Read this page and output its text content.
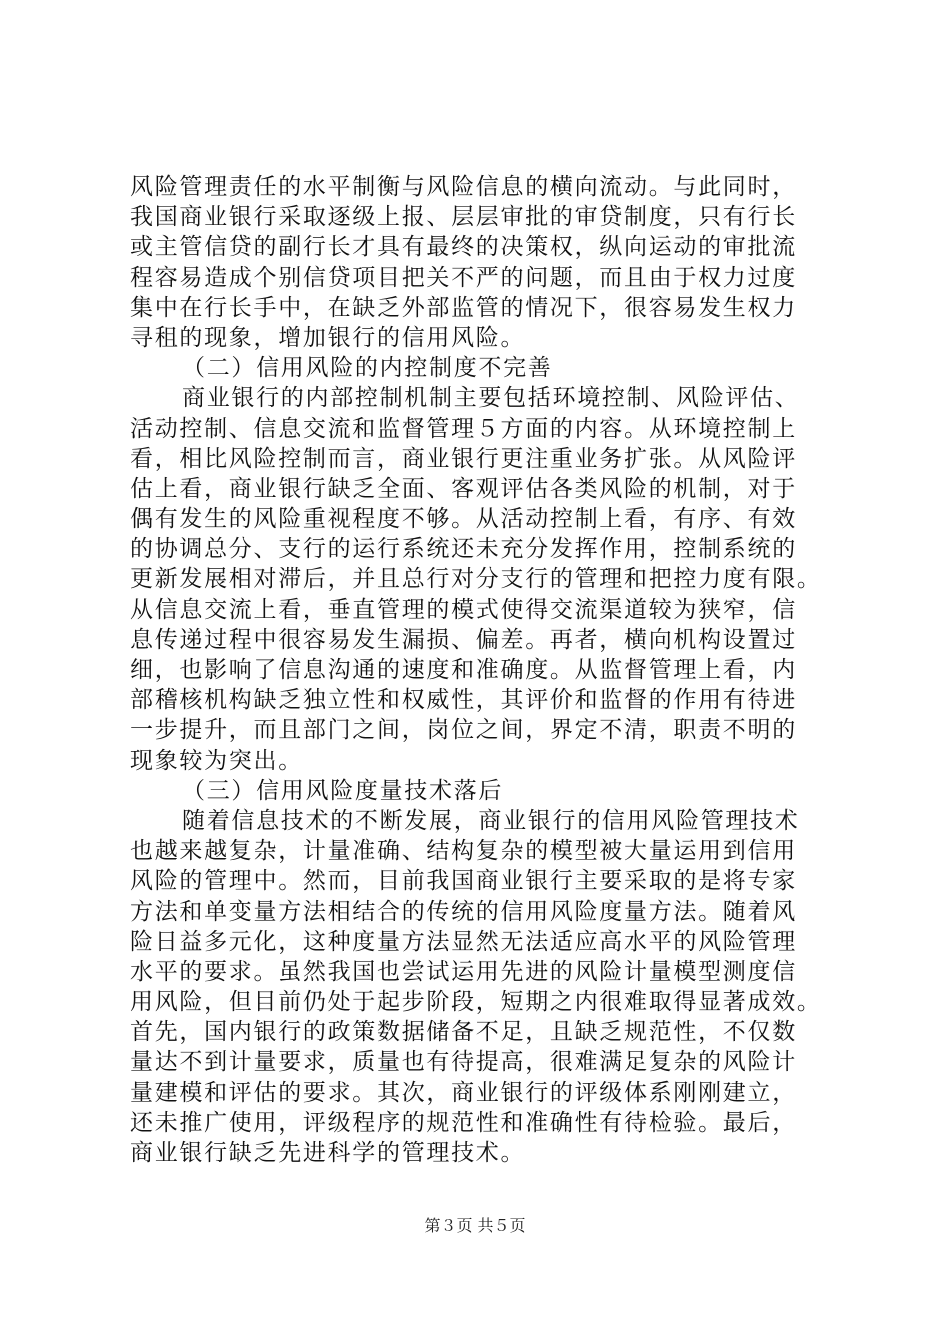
风险管理责任的水平制衡与风险信息的横向流动。与此同时，
我国商业银行采取逐级上报、层层审批的审贷制度，只有行长
或主管信贷的副行长才具有最终的决策权，纵向运动的审批流
程容易造成个别信贷项目把关不严的问题，而且由于权力过度
集中在行长手中，在缺乏外部监管的情况下，很容易发生权力
寻租的现象，增加银行的信用风险。
（二）信用风险的内控制度不完善
商业银行的内部控制机制主要包括环境控制、风险评估、
活动控制、信息交流和监督管理５方面的内容。从环境控制上
看，相比风险控制而言，商业银行更注重业务扩张。从风险评
估上看，商业银行缺乏全面、客观评估各类风险的机制，对于
偶有发生的风险重视程度不够。从活动控制上看，有序、有效
的协调总分、支行的运行系统还未充分发挥作用，控制系统的
更新发展相对滞后，并且总行对分支行的管理和把控力度有限。
从信息交流上看，垂直管理的模式使得交流渠道较为狭窄，信
息传递过程中很容易发生漏损、偏差。再者，横向机构设置过
细，也影响了信息沟通的速度和准确度。从监督管理上看，内
部稽核机构缺乏独立性和权威性，其评价和监督的作用有待进
一步提升，而且部门之间，岗位之间，界定不清，职责不明的
现象较为突出。
（三）信用风险度量技术落后
随着信息技术的不断发展，商业银行的信用风险管理技术
也越来越复杂，计量准确、结构复杂的模型被大量运用到信用
风险的管理中。然而，目前我国商业银行主要采取的是将专家
方法和单变量方法相结合的传统的信用风险度量方法。随着风
险日益多元化，这种度量方法显然无法适应高水平的风险管理
水平的要求。虽然我国也尝试运用先进的风险计量模型测度信
用风险，但目前仍处于起步阶段，短期之内很难取得显著成效。
首先，国内银行的政策数据储备不足，且缺乏规范性，不仅数
量达不到计量要求，质量也有待提高，很难满足复杂的风险计
量建模和评估的要求。其次，商业银行的评级体系刚刚建立，
还未推广使用，评级程序的规范性和准确性有待检验。最后，
商业银行缺乏先进科学的管理技术。
第３页 共５页
